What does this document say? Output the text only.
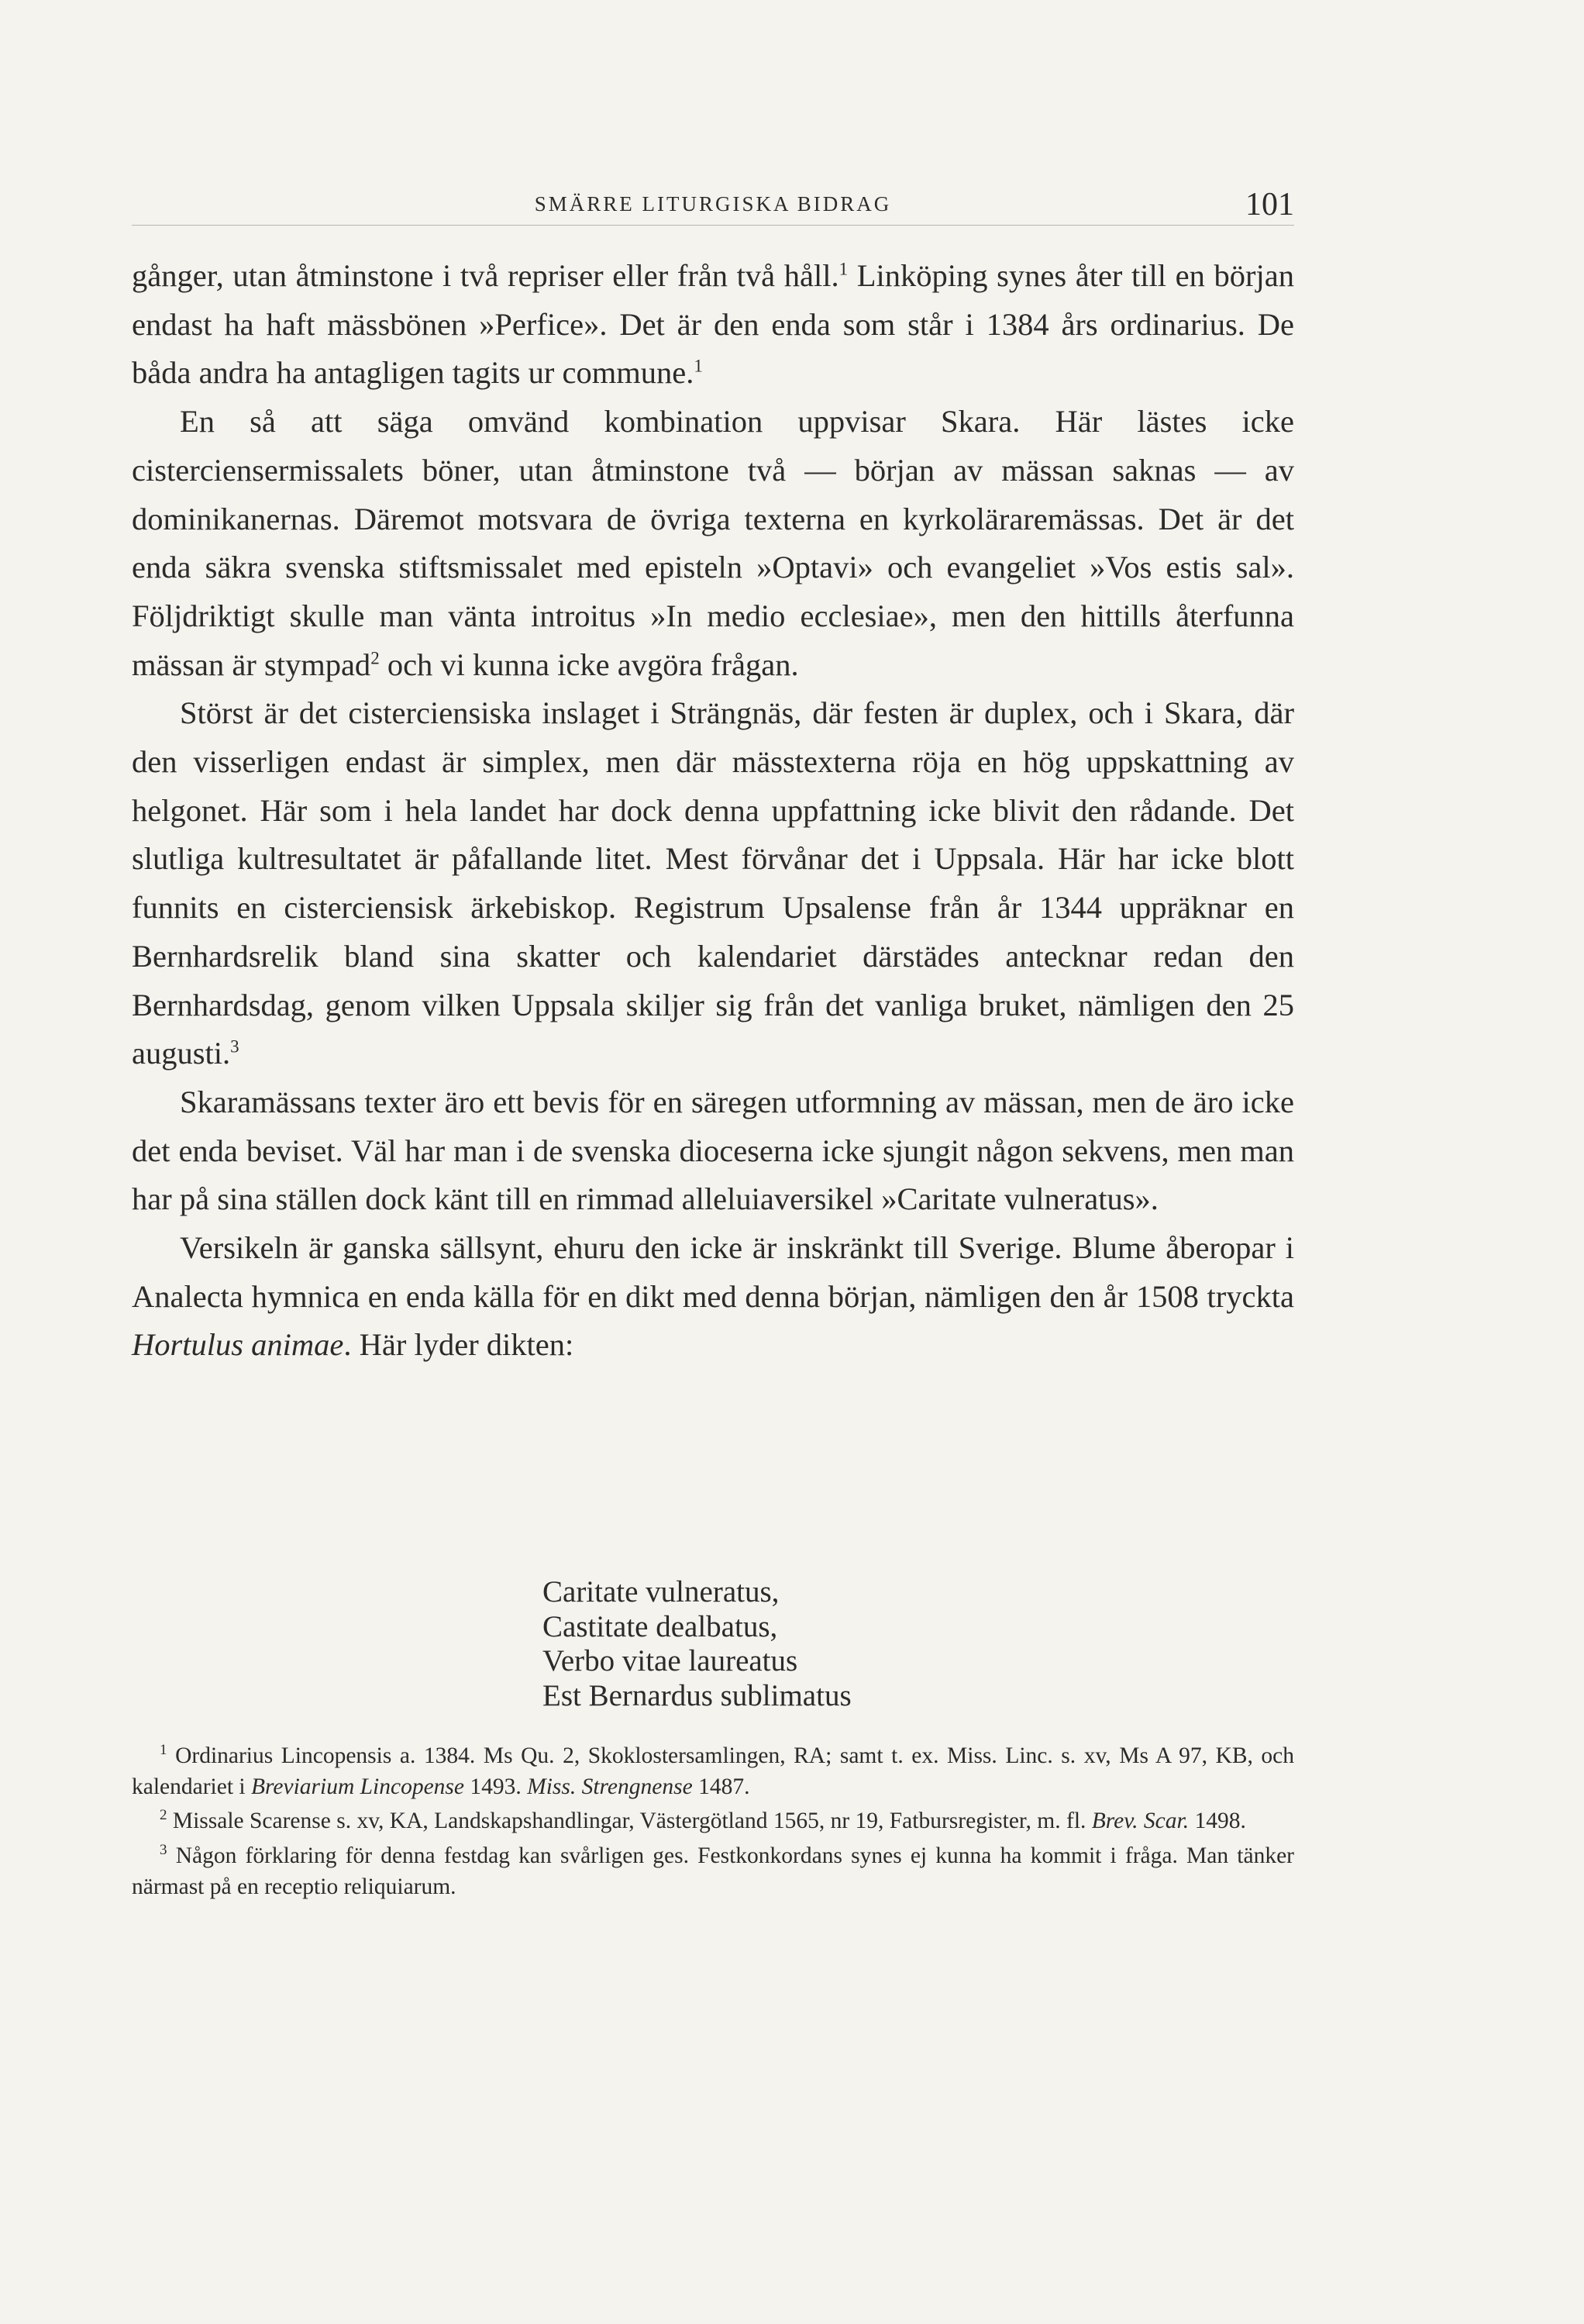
SMÄRRE LITURGISKA BIDRAG	101

gånger, utan åtminstone i två repriser eller från två håll.$^1$ Linköping synes åter till en början endast ha haft mässbönen »Perfice». Det är den enda som står i 1384 års ordinarius. De båda andra ha antagligen tagits ur commune.$^1$

En så att säga omvänd kombination uppvisar Skara. Här lästes icke cisterciensermissalets böner, utan åtminstone två — början av mässan saknas — av dominikanernas. Däremot motsvara de övriga texterna en kyrkoläraremässas. Det är det enda säkra svenska stiftsmissalet med episteln »Optavi» och evangeliet »Vos estis sal». Följdriktigt skulle man vänta introitus »In medio ecclesiae», men den hittills återfunna mässan är stympad$^2$ och vi kunna icke avgöra frågan.

Störst är det cisterciensiska inslaget i Strängnäs, där festen är duplex, och i Skara, där den visserligen endast är simplex, men där mässtexterna röja en hög uppskattning av helgonet. Här som i hela landet har dock denna uppfattning icke blivit den rådande. Det slutliga kultresultatet är påfallande litet. Mest förvånar det i Uppsala. Här har icke blott funnits en cisterciensisk ärkebiskop. Registrum Upsalense från år 1344 uppräknar en Bernhardsrelik bland sina skatter och kalendariet därstädes antecknar redan den Bernhardsdag, genom vilken Uppsala skiljer sig från det vanliga bruket, nämligen den 25 augusti.$^3$

Skaramässans texter äro ett bevis för en säregen utformning av mässan, men de äro icke det enda beviset. Väl har man i de svenska dioceserna icke sjungit någon sekvens, men man har på sina ställen dock känt till en rimmad alleluiaversikel »Caritate vulneratus».

Versikeln är ganska sällsynt, ehuru den icke är inskränkt till Sverige. Blume åberopar i Analecta hymnica en enda källa för en dikt med denna början, nämligen den år 1508 tryckta Hortulus animae. Här lyder dikten:

Caritate vulneratus,
Castitate dealbatus,
Verbo vitae laureatus
Est Bernardus sublimatus

$^1$ Ordinarius Lincopensis a. 1384. Ms Qu. 2, Skoklostersamlingen, RA; samt t. ex. Miss. Linc. s. xv, Ms A 97, KB, och kalendariet i Breviarium Lincopense 1493. Miss. Strengnense 1487.

$^2$ Missale Scarense s. xv, KA, Landskapshandlingar, Västergötland 1565, nr 19, Fatbursregister, m. fl. Brev. Scar. 1498.

$^3$ Någon förklaring för denna festdag kan svårligen ges. Festkonkordans synes ej kunna ha kommit i fråga. Man tänker närmast på en receptio reliquiarum.
